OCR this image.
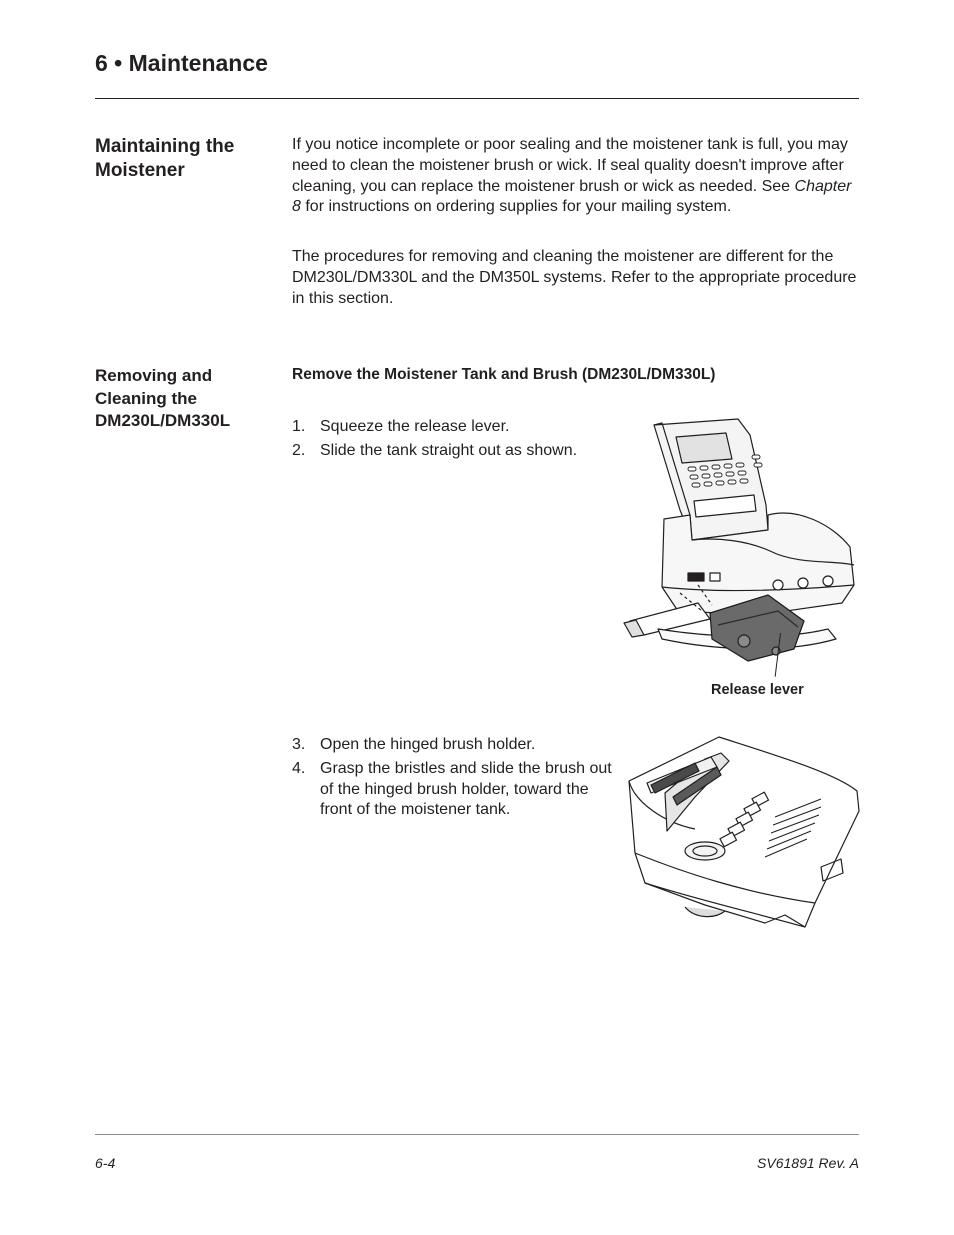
6 • Maintenance
Maintaining the Moistener

If you notice incomplete or poor sealing and the moistener tank is full, you may need to clean the moistener brush or wick. If seal quality doesn't improve after cleaning, you can replace the moistener brush or wick as needed. See Chapter 8 for instructions on ordering supplies for your mailing system.

The procedures for removing and cleaning the moistener are different for the DM230L/DM330L and the DM350L systems. Refer to the appropriate procedure in this section.

Removing and Cleaning the DM230L/DM330L
Remove the Moistener Tank and Brush (DM230L/DM330L)
1. Squeeze the release lever.
2. Slide the tank straight out as shown.

Release lever

3. Open the hinged brush holder.
4. Grasp the bristles and slide the brush out of the hinged brush holder, toward the front of the moistener tank.

6-4	SV61891 Rev. A
